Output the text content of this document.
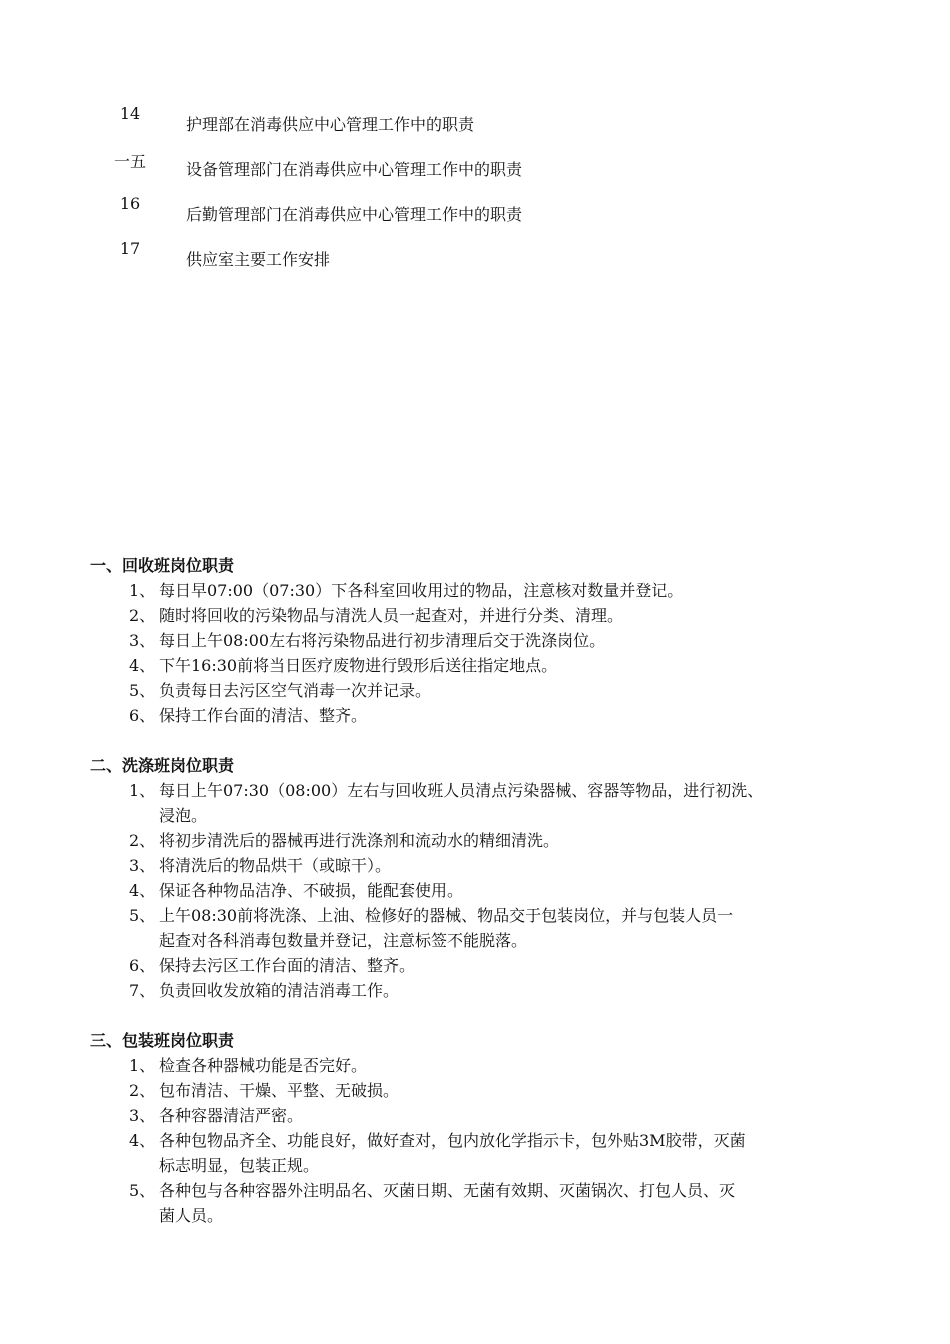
14
护理部在消毒供应中心管理工作中的职责
一五	设备管理部门在消毒供应中心管理工作中的职责
16
后勤管理部门在消毒供应中心管理工作中的职责
17
供应室主要工作安排
一、回收班岗位职责
1、 每日早07:00（07:30）下各科室回收用过的物品，注意核对数量并登记。
2、 随时将回收的污染物品与清洗人员一起查对，并进行分类、清理。
3、 每日上午08:00左右将污染物品进行初步清理后交于洗涤岗位。
4、 下午16:30前将当日医疗废物进行毁形后送往指定地点。
5、 负责每日去污区空气消毒一次并记录。
6、 保持工作台面的清洁、整齐。
二、洗涤班岗位职责
1、 每日上午07:30（08:00）左右与回收班人员清点污染器械、容器等物品，进行初洗、
浸泡。
2、 将初步清洗后的器械再进行洗涤剂和流动水的精细清洗。
3、 将清洗后的物品烘干（或晾干）。
4、 保证各种物品洁净、不破损，能配套使用。
5、 上午08:30前将洗涤、上油、检修好的器械、物品交于包装岗位，并与包装人员一
起查对各科消毒包数量并登记，注意标签不能脱落。
6、 保持去污区工作台面的清洁、整齐。
7、 负责回收发放箱的清洁消毒工作。
三、包装班岗位职责
1、 检查各种器械功能是否完好。
2、 包布清洁、干燥、平整、无破损。
3、 各种容器清洁严密。
4、 各种包物品齐全、功能良好，做好查对，包内放化学指示卡，包外贴3M胶带，灭菌
标志明显，包装正规。
5、 各种包与各种容器外注明品名、灭菌日期、无菌有效期、灭菌锅次、打包人员、灭
菌人员。
